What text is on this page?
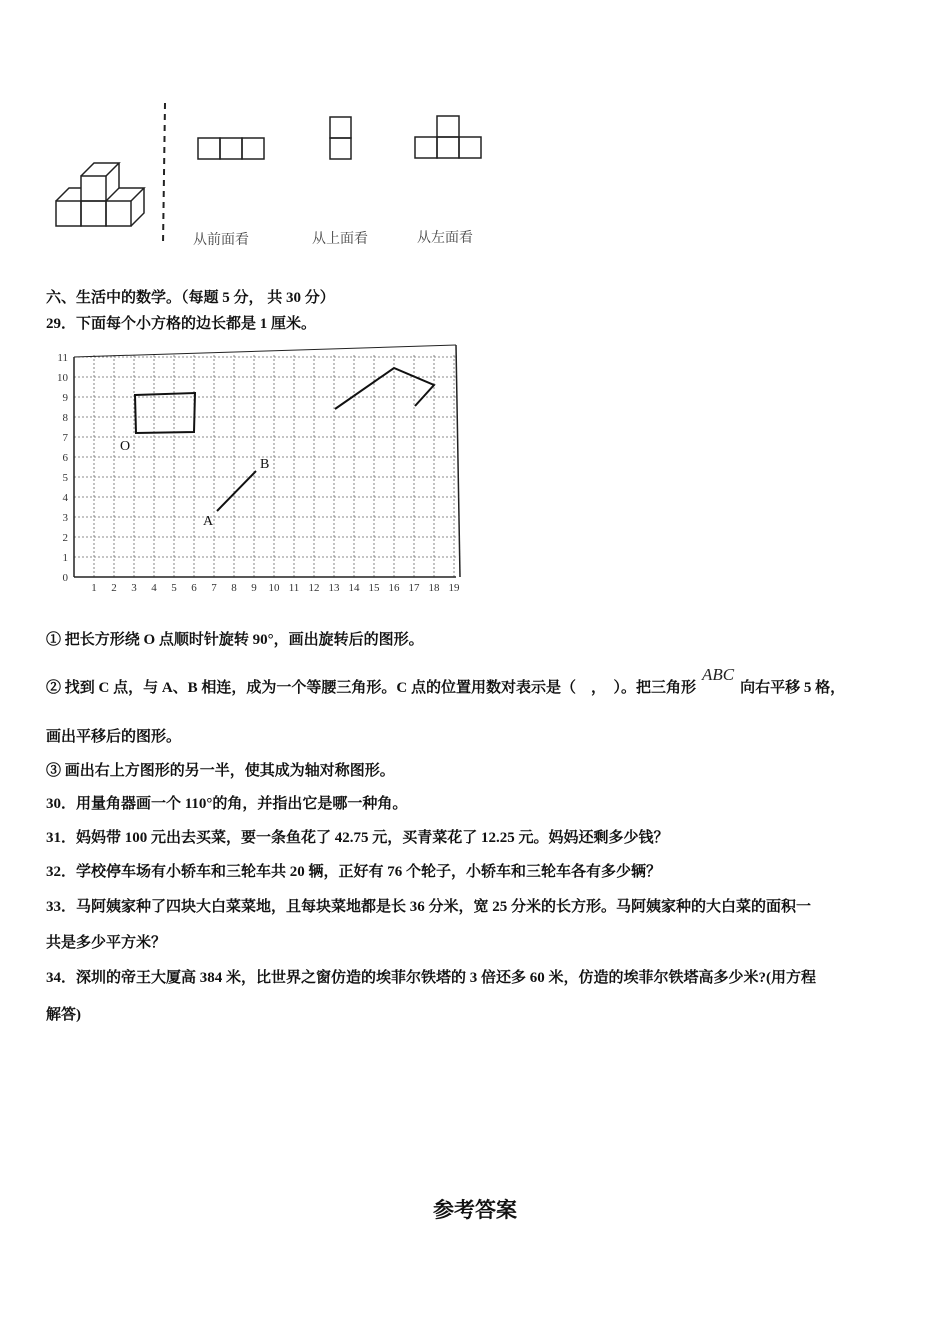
从前面看	从上面看	从左面看
六、生活中的数学。（每题 5 分， 共 30 分）
29．下面每个小方格的边长都是 1 厘米。
1 2 3 4 5 6 7 8 9 10 11 12 13 14 15 16 17 18 19
0
1
2
3
4
5
6
7
8
9
10
11
O
A
B
① 把长方形绕 O 点顺时针旋转 90°，画出旋转后的图形。
② 找到 C 点，与 A、B 相连，成为一个等腰三角形。C 点的位置用数对表示是（　，　）。把三角形ABC向右平移 5 格，
画出平移后的图形。
③ 画出右上方图形的另一半，使其成为轴对称图形。
30．用量角器画一个 110°的角，并指出它是哪一种角。
31．妈妈带 100 元出去买菜，要一条鱼花了 42.75 元，买青菜花了 12.25 元。妈妈还剩多少钱？
32．学校停车场有小轿车和三轮车共 20 辆，正好有 76 个轮子，小轿车和三轮车各有多少辆？
33．马阿姨家种了四块大白菜菜地，且每块菜地都是长 36 分米，宽 25 分米的长方形。马阿姨家种的大白菜的面积一
共是多少平方米？
34．深圳的帝王大厦高 384 米，比世界之窗仿造的埃菲尔铁塔的 3 倍还多 60 米，仿造的埃菲尔铁塔高多少米?(用方程
解答)
参考答案
